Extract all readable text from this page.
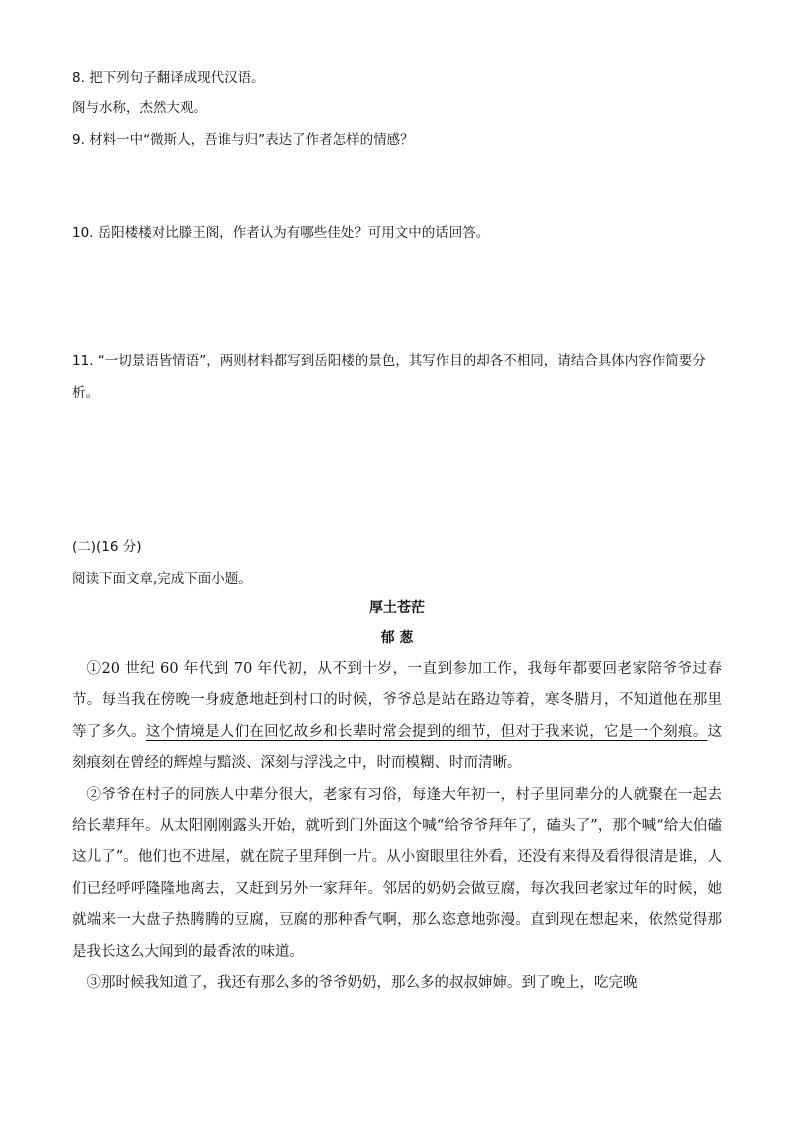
8. 把下列句子翻译成现代汉语。
阁与水称，杰然大观。
9. 材料一中“微斯人，吾谁与归”表达了作者怎样的情感？
10. 岳阳楼楼对比滕王阁，作者认为有哪些佳处？可用文中的话回答。
11. “一切景语皆情语”，两则材料都写到岳阳楼的景色，其写作目的却各不相同，请结合具体内容作简要分析。
(二)(16 分)
阅读下面文章,完成下面小题。
厚土苍茫
郁 葱

①20 世纪 60 年代到 70 年代初，从不到十岁，一直到参加工作，我每年都要回老家陪爷爷过春节。每当我在傍晚一身疲惫地赶到村口的时候，爷爷总是站在路边等着，寒冬腊月，不知道他在那里等了多久。这个情境是人们在回忆故乡和长辈时常会提到的细节，但对于我来说，它是一个刻痕。这刻痕刻在曾经的辉煌与黯淡、深刻与浮浅之中，时而模糊、时而清晰。

②爷爷在村子的同族人中辈分很大，老家有习俗，每逢大年初一，村子里同辈分的人就聚在一起去给长辈拜年。从太阳刚刚露头开始，就听到门外面这个喊“给爷爷拜年了，磕头了”，那个喊“给大伯磕这儿了”。他们也不进屋，就在院子里拜倒一片。从小窗眼里往外看，还没有来得及看得很清是谁，人们已经呼呼隆隆地离去，又赶到另外一家拜年。邻居的奶奶会做豆腐，每次我回老家过年的时候，她就端来一大盘子热腾腾的豆腐，豆腐的那种香气啊，那么恣意地弥漫。直到现在想起来，依然觉得那是我长这么大闻到的最香浓的味道。

③那时候我知道了，我还有那么多的爷爷奶奶，那么多的叔叔婶婶。到了晚上，吃完晚
